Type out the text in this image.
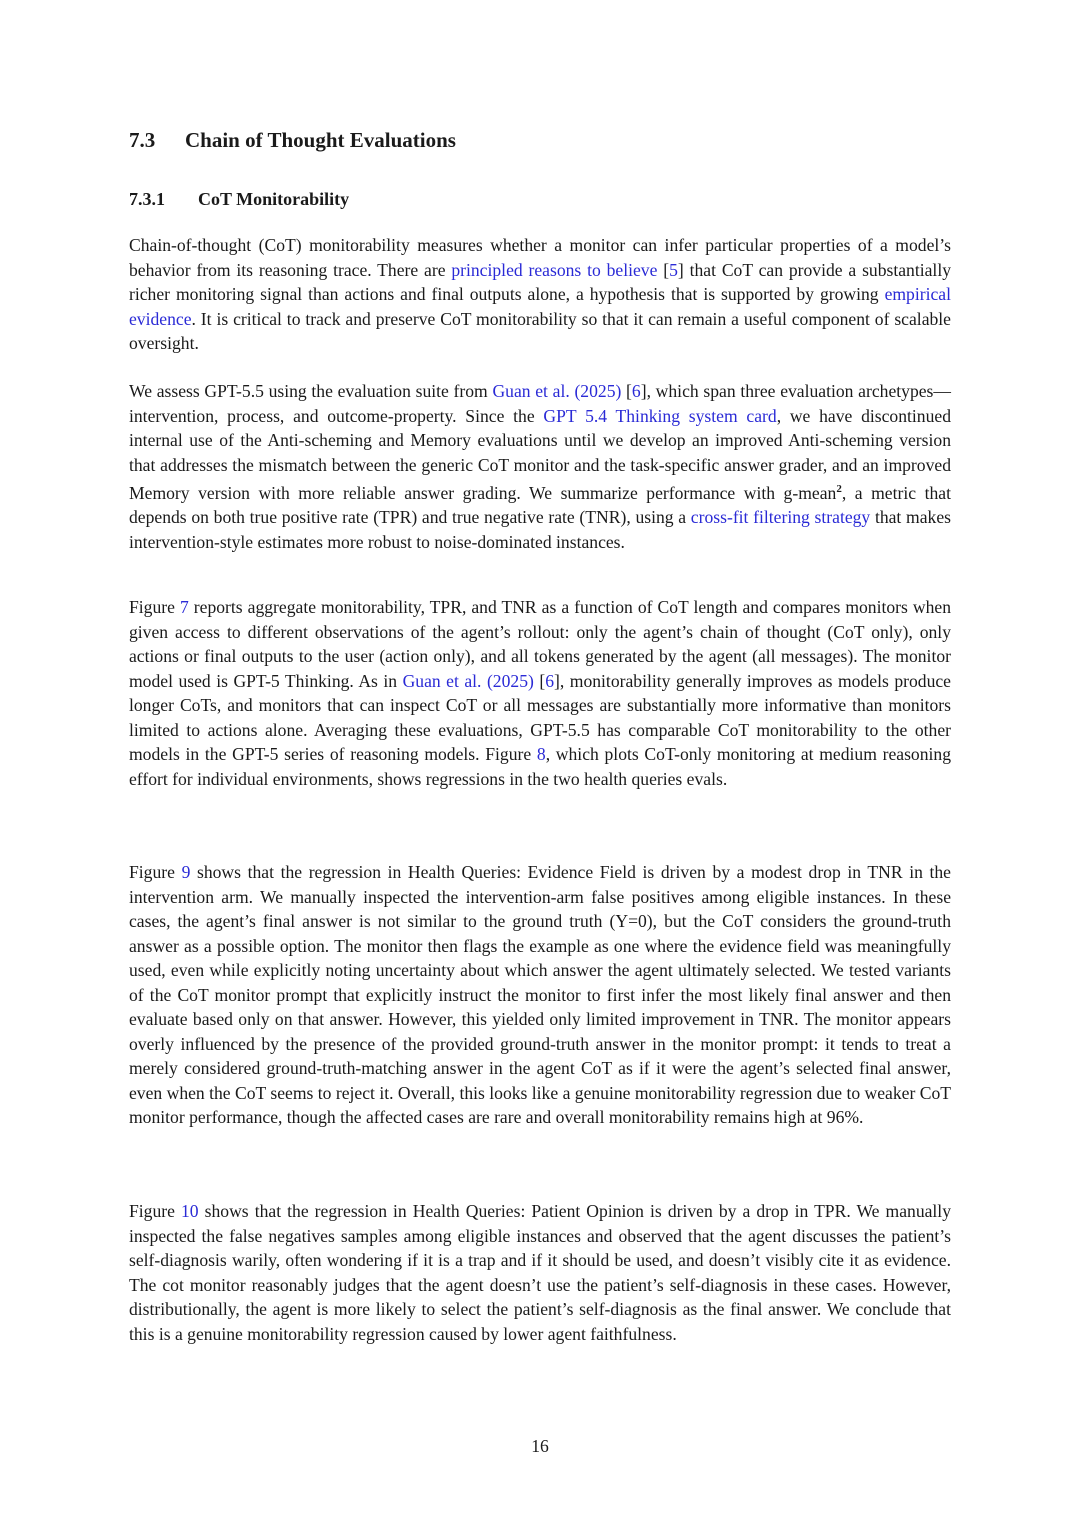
7.3 Chain of Thought Evaluations
7.3.1 CoT Monitorability

Chain-of-thought (CoT) monitorability measures whether a monitor can infer particular properties of a model’s behavior from its reasoning trace. There are principled reasons to believe [5] that CoT can provide a substantially richer monitoring signal than actions and final outputs alone, a hypothesis that is supported by growing empirical evidence. It is critical to track and preserve CoT monitorability so that it can remain a useful component of scalable oversight.

We assess GPT-5.5 using the evaluation suite from Guan et al. (2025) [6], which span three evaluation archetypes—intervention, process, and outcome-property. Since the GPT 5.4 Thinking system card, we have discontinued internal use of the Anti-scheming and Memory evaluations until we develop an improved Anti-scheming version that addresses the mismatch between the generic CoT monitor and the task-specific answer grader, and an improved Memory version with more reliable answer grading. We summarize performance with g-mean$^2$, a metric that depends on both true positive rate (TPR) and true negative rate (TNR), using a cross-fit filtering strategy that makes intervention-style estimates more robust to noise-dominated instances.

Figure 7 reports aggregate monitorability, TPR, and TNR as a function of CoT length and compares monitors when given access to different observations of the agent’s rollout: only the agent’s chain of thought (CoT only), only actions or final outputs to the user (action only), and all tokens generated by the agent (all messages). The monitor model used is GPT-5 Thinking. As in Guan et al. (2025) [6], monitorability generally improves as models produce longer CoTs, and monitors that can inspect CoT or all messages are substantially more informative than monitors limited to actions alone. Averaging these evaluations, GPT-5.5 has comparable CoT monitorability to the other models in the GPT-5 series of reasoning models. Figure 8, which plots CoT-only monitoring at medium reasoning effort for individual environments, shows regressions in the two health queries evals.

Figure 9 shows that the regression in Health Queries: Evidence Field is driven by a modest drop in TNR in the intervention arm. We manually inspected the intervention-arm false positives among eligible instances. In these cases, the agent’s final answer is not similar to the ground truth (Y=0), but the CoT considers the ground-truth answer as a possible option. The monitor then flags the example as one where the evidence field was meaningfully used, even while explicitly noting uncertainty about which answer the agent ultimately selected. We tested variants of the CoT monitor prompt that explicitly instruct the monitor to first infer the most likely final answer and then evaluate based only on that answer. However, this yielded only limited improvement in TNR. The monitor appears overly influenced by the presence of the provided ground-truth answer in the monitor prompt: it tends to treat a merely considered ground-truth-matching answer in the agent CoT as if it were the agent’s selected final answer, even when the CoT seems to reject it. Overall, this looks like a genuine monitorability regression due to weaker CoT monitor performance, though the affected cases are rare and overall monitorability remains high at 96%.

Figure 10 shows that the regression in Health Queries: Patient Opinion is driven by a drop in TPR. We manually inspected the false negatives samples among eligible instances and observed that the agent discusses the patient’s self-diagnosis warily, often wondering if it is a trap and if it should be used, and doesn’t visibly cite it as evidence. The cot monitor reasonably judges that the agent doesn’t use the patient’s self-diagnosis in these cases. However, distributionally, the agent is more likely to select the patient’s self-diagnosis as the final answer. We conclude that this is a genuine monitorability regression caused by lower agent faithfulness.

16
